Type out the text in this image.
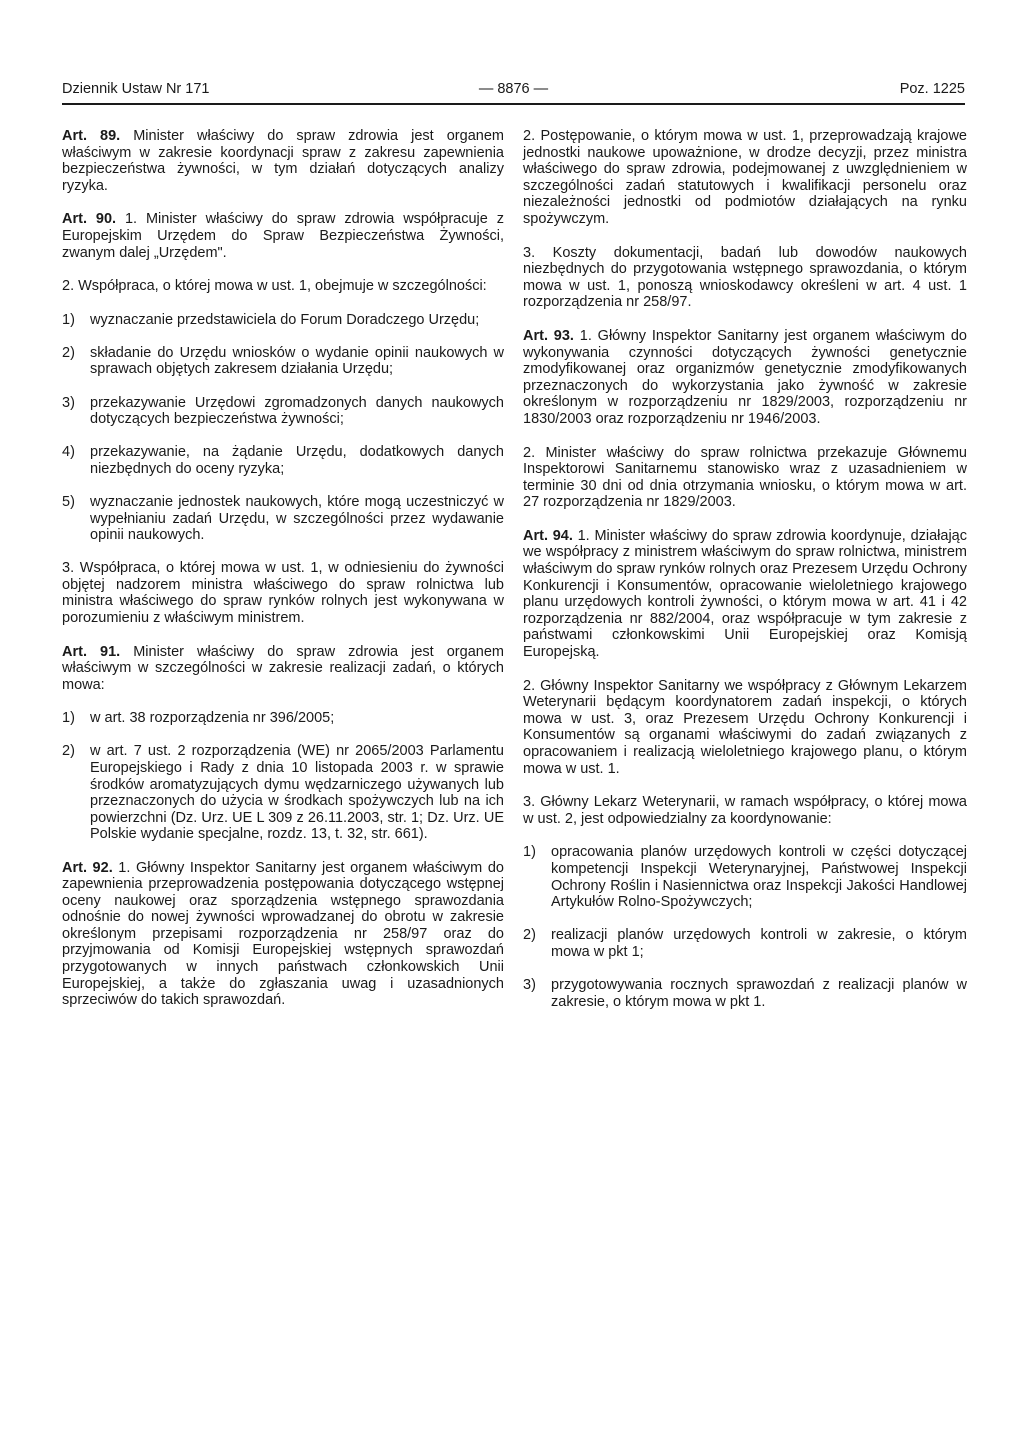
Dziennik Ustaw Nr 171	— 8876 —	Poz. 1225

Art. 89. Minister właściwy do spraw zdrowia jest organem właściwym w zakresie koordynacji spraw z zakresu zapewnienia bezpieczeństwa żywności, w tym działań dotyczących analizy ryzyka.

Art. 90. 1. Minister właściwy do spraw zdrowia współpracuje z Europejskim Urzędem do Spraw Bezpieczeństwa Żywności, zwanym dalej „Urzędem".

2. Współpraca, o której mowa w ust. 1, obejmuje w szczególności:

1)	wyznaczanie przedstawiciela do Forum Doradczego Urzędu;
2)	składanie do Urzędu wniosków o wydanie opinii naukowych w sprawach objętych zakresem działania Urzędu;
3)	przekazywanie Urzędowi zgromadzonych danych naukowych dotyczących bezpieczeństwa żywności;
4)	przekazywanie, na żądanie Urzędu, dodatkowych danych niezbędnych do oceny ryzyka;
5)	wyznaczanie jednostek naukowych, które mogą uczestniczyć w wypełnianiu zadań Urzędu, w szczególności przez wydawanie opinii naukowych.

3. Współpraca, o której mowa w ust. 1, w odniesieniu do żywności objętej nadzorem ministra właściwego do spraw rolnictwa lub ministra właściwego do spraw rynków rolnych jest wykonywana w porozumieniu z właściwym ministrem.

Art. 91. Minister właściwy do spraw zdrowia jest organem właściwym w szczególności w zakresie realizacji zadań, o których mowa:

1)	w art. 38 rozporządzenia nr 396/2005;
2)	w art. 7 ust. 2 rozporządzenia (WE) nr 2065/2003 Parlamentu Europejskiego i Rady z dnia 10 listopada 2003 r. w sprawie środków aromatyzujących dymu wędzarniczego używanych lub przeznaczonych do użycia w środkach spożywczych lub na ich powierzchni (Dz. Urz. UE L 309 z 26.11.2003, str. 1; Dz. Urz. UE Polskie wydanie specjalne, rozdz. 13, t. 32, str. 661).

Art. 92. 1. Główny Inspektor Sanitarny jest organem właściwym do zapewnienia przeprowadzenia postępowania dotyczącego wstępnej oceny naukowej oraz sporządzenia wstępnego sprawozdania odnośnie do nowej żywności wprowadzanej do obrotu w zakresie określonym przepisami rozporządzenia nr 258/97 oraz do przyjmowania od Komisji Europejskiej wstępnych sprawozdań przygotowanych w innych państwach członkowskich Unii Europejskiej, a także do zgłaszania uwag i uzasadnionych sprzeciwów do takich sprawozdań.

2. Postępowanie, o którym mowa w ust. 1, przeprowadzają krajowe jednostki naukowe upoważnione, w drodze decyzji, przez ministra właściwego do spraw zdrowia, podejmowanej z uwzględnieniem w szczególności zadań statutowych i kwalifikacji personelu oraz niezależności jednostki od podmiotów działających na rynku spożywczym.

3. Koszty dokumentacji, badań lub dowodów naukowych niezbędnych do przygotowania wstępnego sprawozdania, o którym mowa w ust. 1, ponoszą wnioskodawcy określeni w art. 4 ust. 1 rozporządzenia nr 258/97.

Art. 93. 1. Główny Inspektor Sanitarny jest organem właściwym do wykonywania czynności dotyczących żywności genetycznie zmodyfikowanej oraz organizmów genetycznie zmodyfikowanych przeznaczonych do wykorzystania jako żywność w zakresie określonym w rozporządzeniu nr 1829/2003, rozporządzeniu nr 1830/2003 oraz rozporządzeniu nr 1946/2003.

2. Minister właściwy do spraw rolnictwa przekazuje Głównemu Inspektorowi Sanitarnemu stanowisko wraz z uzasadnieniem w terminie 30 dni od dnia otrzymania wniosku, o którym mowa w art. 27 rozporządzenia nr 1829/2003.

Art. 94. 1. Minister właściwy do spraw zdrowia koordynuje, działając we współpracy z ministrem właściwym do spraw rolnictwa, ministrem właściwym do spraw rynków rolnych oraz Prezesem Urzędu Ochrony Konkurencji i Konsumentów, opracowanie wieloletniego krajowego planu urzędowych kontroli żywności, o którym mowa w art. 41 i 42 rozporządzenia nr 882/2004, oraz współpracuje w tym zakresie z państwami członkowskimi Unii Europejskiej oraz Komisją Europejską.

2. Główny Inspektor Sanitarny we współpracy z Głównym Lekarzem Weterynarii będącym koordynatorem zadań inspekcji, o których mowa w ust. 3, oraz Prezesem Urzędu Ochrony Konkurencji i Konsumentów są organami właściwymi do zadań związanych z opracowaniem i realizacją wieloletniego krajowego planu, o którym mowa w ust. 1.

3. Główny Lekarz Weterynarii, w ramach współpracy, o której mowa w ust. 2, jest odpowiedzialny za koordynowanie:

1)	opracowania planów urzędowych kontroli w części dotyczącej kompetencji Inspekcji Weterynaryjnej, Państwowej Inspekcji Ochrony Roślin i Nasiennictwa oraz Inspekcji Jakości Handlowej Artykułów Rolno-Spożywczych;
2)	realizacji planów urzędowych kontroli w zakresie, o którym mowa w pkt 1;
3)	przygotowywania rocznych sprawozdań z realizacji planów w zakresie, o którym mowa w pkt 1.
